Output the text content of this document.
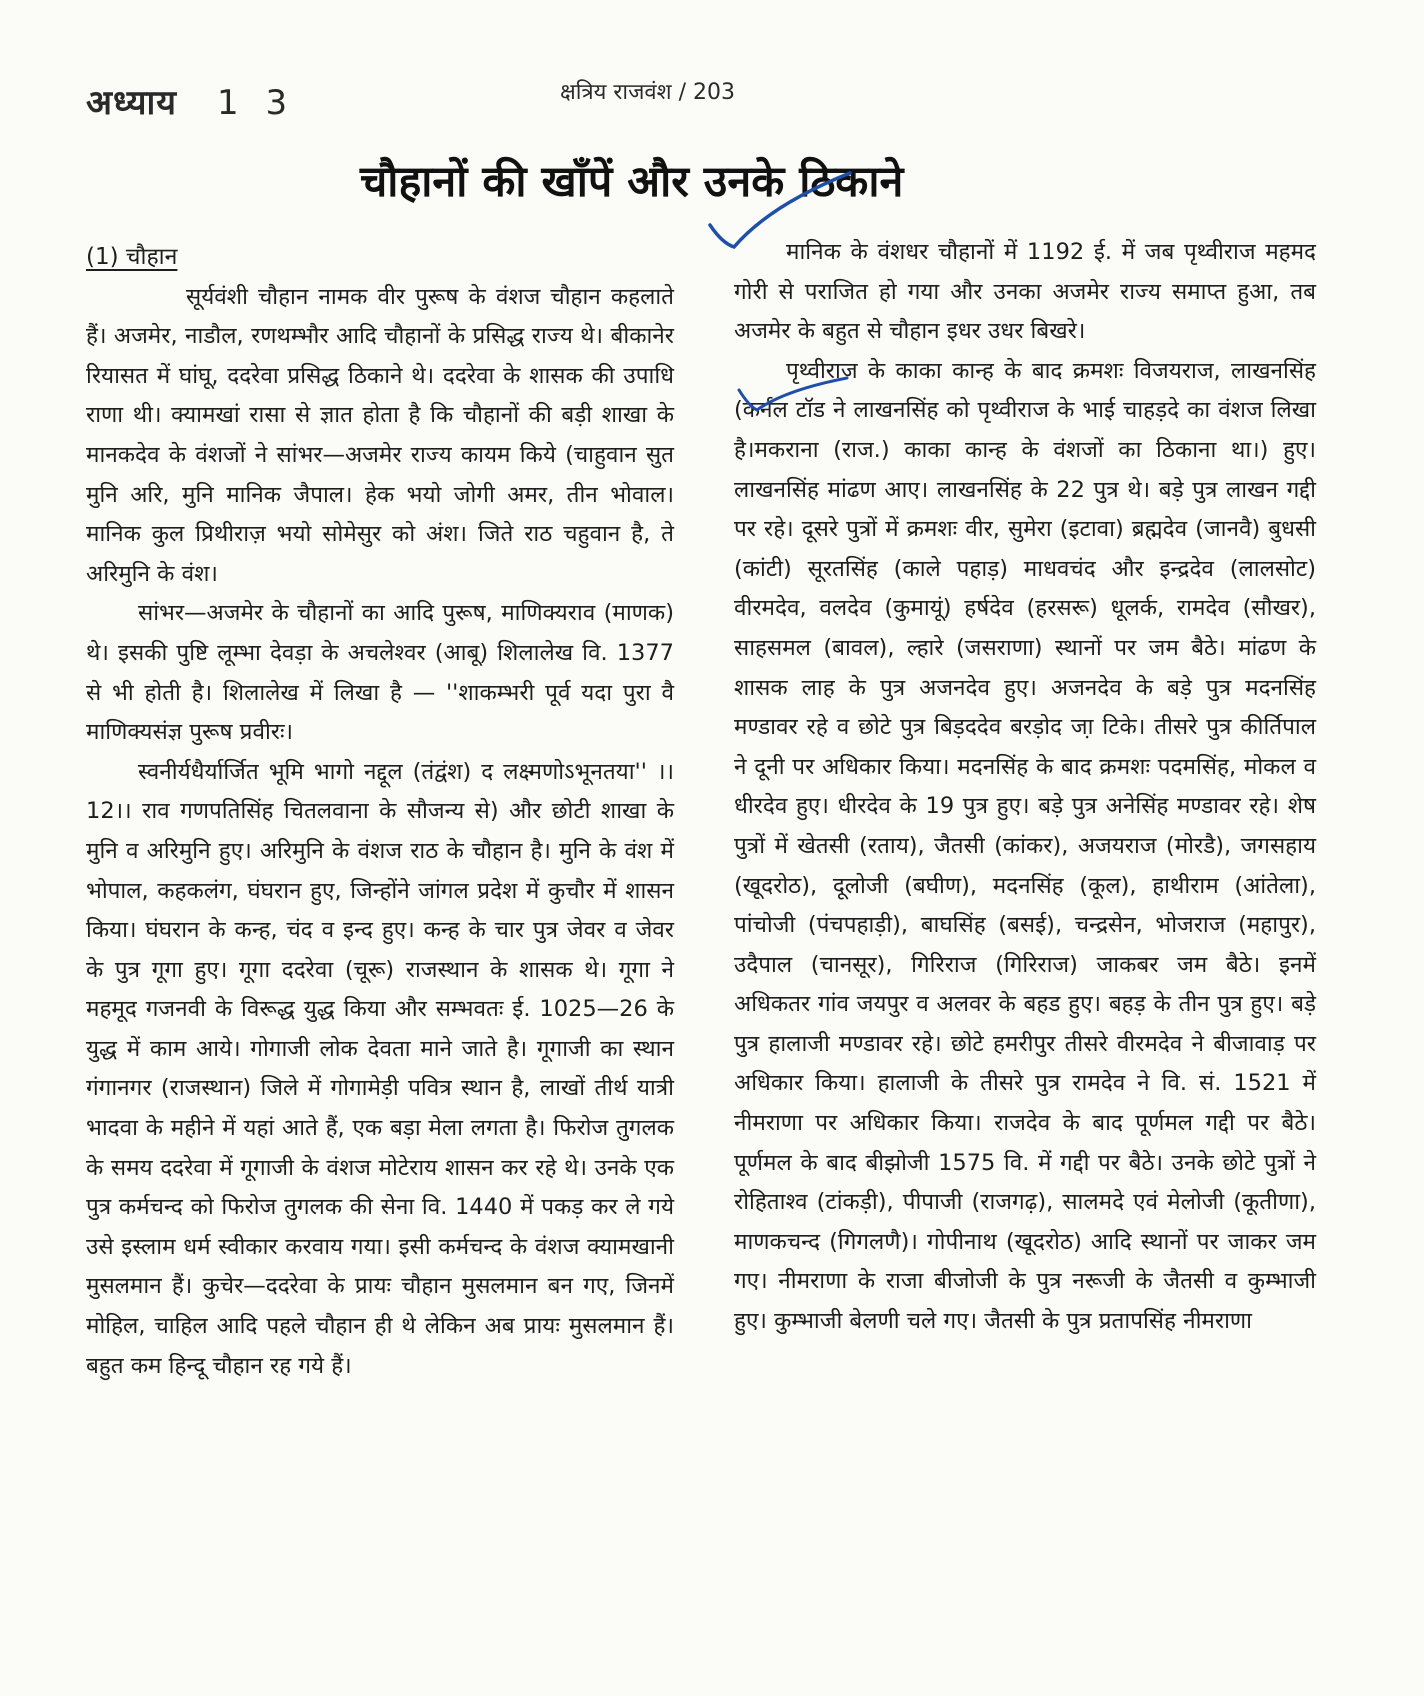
अध्याय 1 3	क्षत्रिय राजवंश / 203
चौहानों की खाँपें और उनके ठिकाने

(1) चौहान

सूर्यवंशी चौहान नामक वीर पुरूष के वंशज चौहान कहलाते हैं। अजमेर, नाडौल, रणथम्भौर आदि चौहानों के प्रसिद्ध राज्य थे। बीकानेर रियासत में घांघू, ददरेवा प्रसिद्ध ठिकाने थे। ददरेवा के शासक की उपाधि राणा थी। क्यामखां रासा से ज्ञात होता है कि चौहानों की बड़ी शाखा के मानकदेव के वंशजों ने सांभर—अजमेर राज्य कायम किये (चाहुवान सुत मुनि अरि, मुनि मानिक जैपाल। हेक भयो जोगी अमर, तीन भोवाल। मानिक कुल प्रिथीराज़ भयो सोमेसुर को अंश। जिते राठ चहुवान है, ते अरिमुनि के वंश।

सांभर—अजमेर के चौहानों का आदि पुरूष, माणिक्यराव (माणक) थे। इसकी पुष्टि लूम्भा देवड़ा के अचलेश्वर (आबू) शिलालेख वि. 1377 से भी होती है। शिलालेख में लिखा है — ''शाकम्भरी पूर्व यदा पुरा वै माणिक्यसंज्ञ पुरूष प्रवीरः।

स्वनीर्यधैर्यार्जित भूमि भागो नद्दूल (तंद्वंश) द लक्ष्मणोऽभूनतया'' ।।12।। राव गणपतिसिंह चितलवाना के सौजन्य से) और छोटी शाखा के मुनि व अरिमुनि हुए। अरिमुनि के वंशज राठ के चौहान है। मुनि के वंश में भोपाल, कहकलंग, घंघरान हुए, जिन्होंने जांगल प्रदेश में कुचौर में शासन किया। घंघरान के कन्ह, चंद व इन्द हुए। कन्ह के चार पुत्र जेवर व जेवर के पुत्र गूगा हुए। गूगा ददरेवा (चूरू) राजस्थान के शासक थे। गूगा ने महमूद गजनवी के विरूद्ध युद्ध किया और सम्भवतः ई. 1025—26 के युद्ध में काम आये। गोगाजी लोक देवता माने जाते है। गूगाजी का स्थान गंगानगर (राजस्थान) जिले में गोगामेड़ी पवित्र स्थान है, लाखों तीर्थ यात्री भादवा के महीने में यहां आते हैं, एक बड़ा मेला लगता है। फिरोज तुगलक के समय ददरेवा में गूगाजी के वंशज मोटेराय शासन कर रहे थे। उनके एक पुत्र कर्मचन्द को फिरोज तुगलक की सेना वि. 1440 में पकड़ कर ले गये उसे इस्लाम धर्म स्वीकार करवाय गया। इसी कर्मचन्द के वंशज क्यामखानी मुसलमान हैं। कुचेर—ददरेवा के प्रायः चौहान मुसलमान बन गए, जिनमें मोहिल, चाहिल आदि पहले चौहान ही थे लेकिन अब प्रायः मुसलमान हैं। बहुत कम हिन्दू चौहान रह गये हैं।

मानिक के वंशधर चौहानों में 1192 ई. में जब पृथ्वीराज महमद गोरी से पराजित हो गया और उनका अजमेर राज्य समाप्त हुआ, तब अजमेर के बहुत से चौहान इधर उधर बिखरे।

पृथ्वीराज के काका कान्ह के बाद क्रमशः विजयराज, लाखनसिंह (कर्नल टॉड ने लाखनसिंह को पृथ्वीराज के भाई चाहड़दे का वंशज लिखा है।मकराना (राज.) काका कान्ह के वंशजों का ठिकाना था।) हुए। लाखनसिंह मांढण आए। लाखनसिंह के 22 पुत्र थे। बड़े पुत्र लाखन गद्दी पर रहे। दूसरे पुत्रों में क्रमशः वीर, सुमेरा (इटावा) ब्रह्मदेव (जानवै) बुधसी (कांटी) सूरतसिंह (काले पहाड़) माधवचंद और इन्द्रदेव (लालसोट) वीरमदेव, वलदेव (कुमायूं) हर्षदेव (हरसरू) धूलर्क, रामदेव (सौखर), साहसमल (बावल), ल्हारे (जसराणा) स्थानों पर जम बैठे। मांढण के शासक लाह के पुत्र अजनदेव हुए। अजनदेव के बड़े पुत्र मदनसिंह मण्डावर रहे व छोटे पुत्र बिड़ददेव बरड़ोद जा़ टिके। तीसरे पुत्र कीर्तिपाल ने दूनी पर अधिकार किया। मदनसिंह के बाद क्रमशः पदमसिंह, मोकल व धीरदेव हुए। धीरदेव के 19 पुत्र हुए। बड़े पुत्र अनेसिंह मण्डावर रहे। शेष पुत्रों में खेतसी (रताय), जैतसी (कांकर), अजयराज (मोरडै), जगसहाय (खूदरोठ), दूलोजी (बघीण), मदनसिंह (कूल), हाथीराम (आंतेला), पांचोजी (पंचपहाड़ी), बाघसिंह (बसई), चन्द्रसेन, भोजराज (महापुर), उदैपाल (चानसूर), गिरिराज (गिरिराज) जाकबर जम बैठे। इनमें अधिकतर गांव जयपुर व अलवर के बहड हुए। बहड़ के तीन पुत्र हुए। बड़े पुत्र हालाजी मण्डावर रहे। छोटे हमरीपुर तीसरे वीरमदेव ने बीजावाड़ पर अधिकार किया। हालाजी के तीसरे पुत्र रामदेव ने वि. सं. 1521 में नीमराणा पर अधिकार किया। राजदेव के बाद पूर्णमल गद्दी पर बैठे। पूर्णमल के बाद बीझोजी 1575 वि. में गद्दी पर बैठे। उनके छोटे पुत्रों ने रोहिताश्व (टांकड़ी), पीपाजी (राजगढ़), सालमदे एवं मेलोजी (कूतीणा), माणकचन्द (गिगलणै)। गोपीनाथ (खूदरोठ) आदि स्थानों पर जाकर जम गए। नीमराणा के राजा बीजोजी के पुत्र नरूजी के जैतसी व कुम्भाजी हुए। कुम्भाजी बेलणी चले गए। जैतसी के पुत्र प्रतापसिंह नीमराणा
